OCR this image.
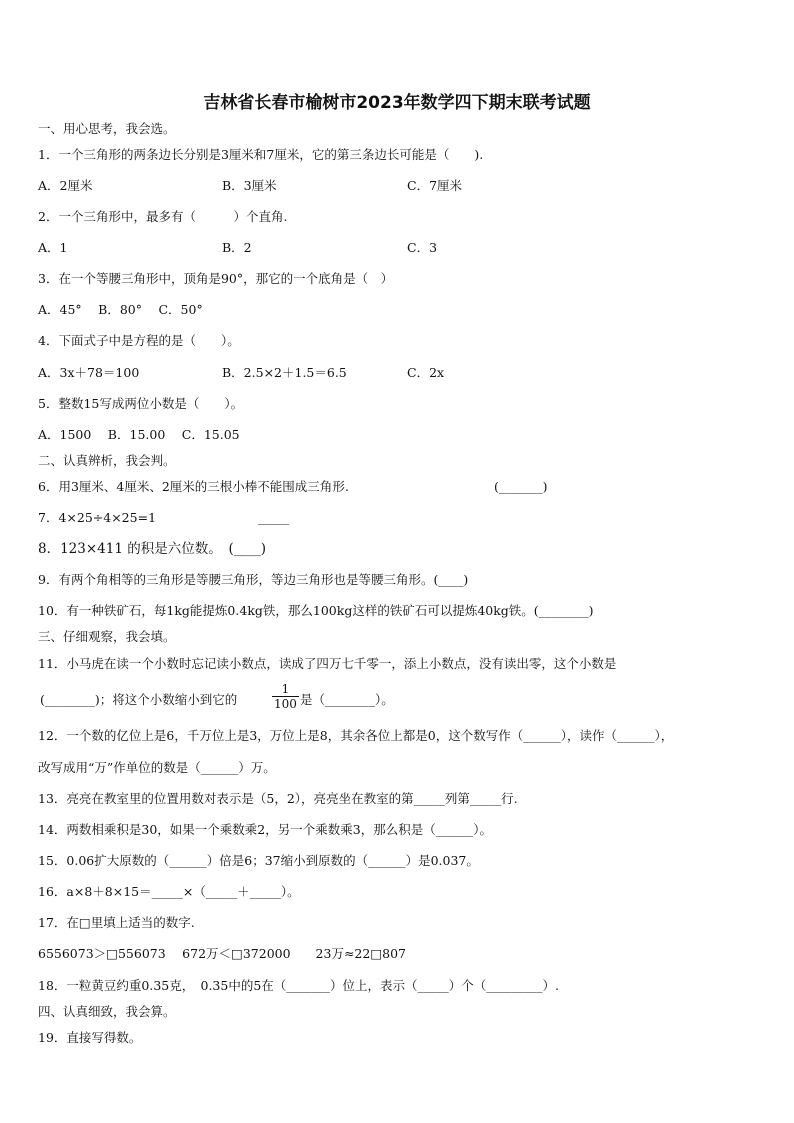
吉林省长春市榆树市2023年数学四下期末联考试题
一、用心思考，我会选。
1．一个三角形的两条边长分别是3厘米和7厘米，它的第三条边长可能是（　　).
A．2厘米	B．3厘米	C．7厘米
2．一个三角形中，最多有（　　　）个直角.
A．1	B．2	C．3
3．在一个等腰三角形中，顶角是90°，那它的一个底角是（　）
A．45°　 B．80°　 C．50°
4．下面式子中是方程的是（　　）。
A．3x＋78＝100	B．2.5×2＋1.5＝6.5	C．2x
5．整数15写成两位小数是（　　）。
A．1500　 B．15.00　 C．15.05
二、认真辨析，我会判。
6．用3厘米、4厘米、2厘米的三根小棒不能围成三角形.	(_______)
7．4×25÷4×25=1	_____
8．123×411 的积是六位数。　(____)
9．有两个角相等的三角形是等腰三角形，等边三角形也是等腰三角形。(____)
10．有一种铁矿石，每1kg能提炼0.4kg铁，那么100kg这样的铁矿石可以提炼40kg铁。(________)
三、仔细观察，我会填。
11．小马虎在读一个小数时忘记读小数点，读成了四万七千零一，添上小数点，没有读出零，这个小数是
(________)；将这个小数缩小到它的	$\frac{1}{100}$ 是（________）。
12．一个数的亿位上是6，千万位上是3，万位上是8，其余各位上都是0，这个数写作（______），读作（______），
改写成用“万”作单位的数是（______）万。
13．亮亮在教室里的位置用数对表示是（5，2），亮亮坐在教室的第_____列第_____行.
14．两数相乘积是30，如果一个乘数乘2，另一个乘数乘3，那么积是（______）。
15．0.06扩大原数的（______）倍是6；37缩小到原数的（______）是0.037。
16．a×8＋8×15＝_____×（_____＋_____）。
17．在□里填上适当的数字.
6556073＞□556073　 672万＜□372000　　23万≈22□807
18．一粒黄豆约重0.35克，　0.35中的5在（_______）位上，表示（_____）个（_________）.
四、认真细致，我会算。
19．直接写得数。
